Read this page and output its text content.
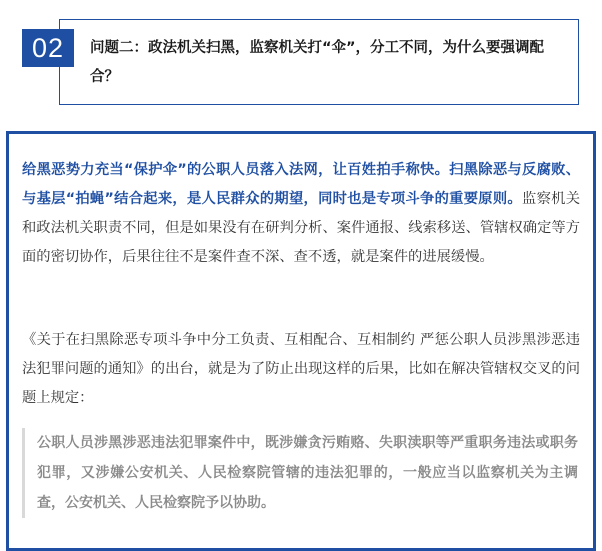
02	问题二：政法机关扫黑，监察机关打“伞”，分工不同，为什么要强调配合？
给黑恶势力充当“保护伞”的公职人员落入法网，让百姓拍手称快。扫黑除恶与反腐败、与基层“拍蝇”结合起来，是人民群众的期望，同时也是专项斗争的重要原则。监察机关和政法机关职责不同，但是如果没有在研判分析、案件通报、线索移送、管辖权确定等方面的密切协作，后果往往不是案件查不深、查不透，就是案件的进展缓慢。
《关于在扫黑除恶专项斗争中分工负责、互相配合、互相制约 严惩公职人员涉黑涉恶违法犯罪问题的通知》的出台，就是为了防止出现这样的后果，比如在解决管辖权交叉的问题上规定：
公职人员涉黑涉恶违法犯罪案件中，既涉嫌贪污贿赂、失职渎职等严重职务违法或职务犯罪，又涉嫌公安机关、人民检察院管辖的违法犯罪的，一般应当以监察机关为主调查，公安机关、人民检察院予以协助。
